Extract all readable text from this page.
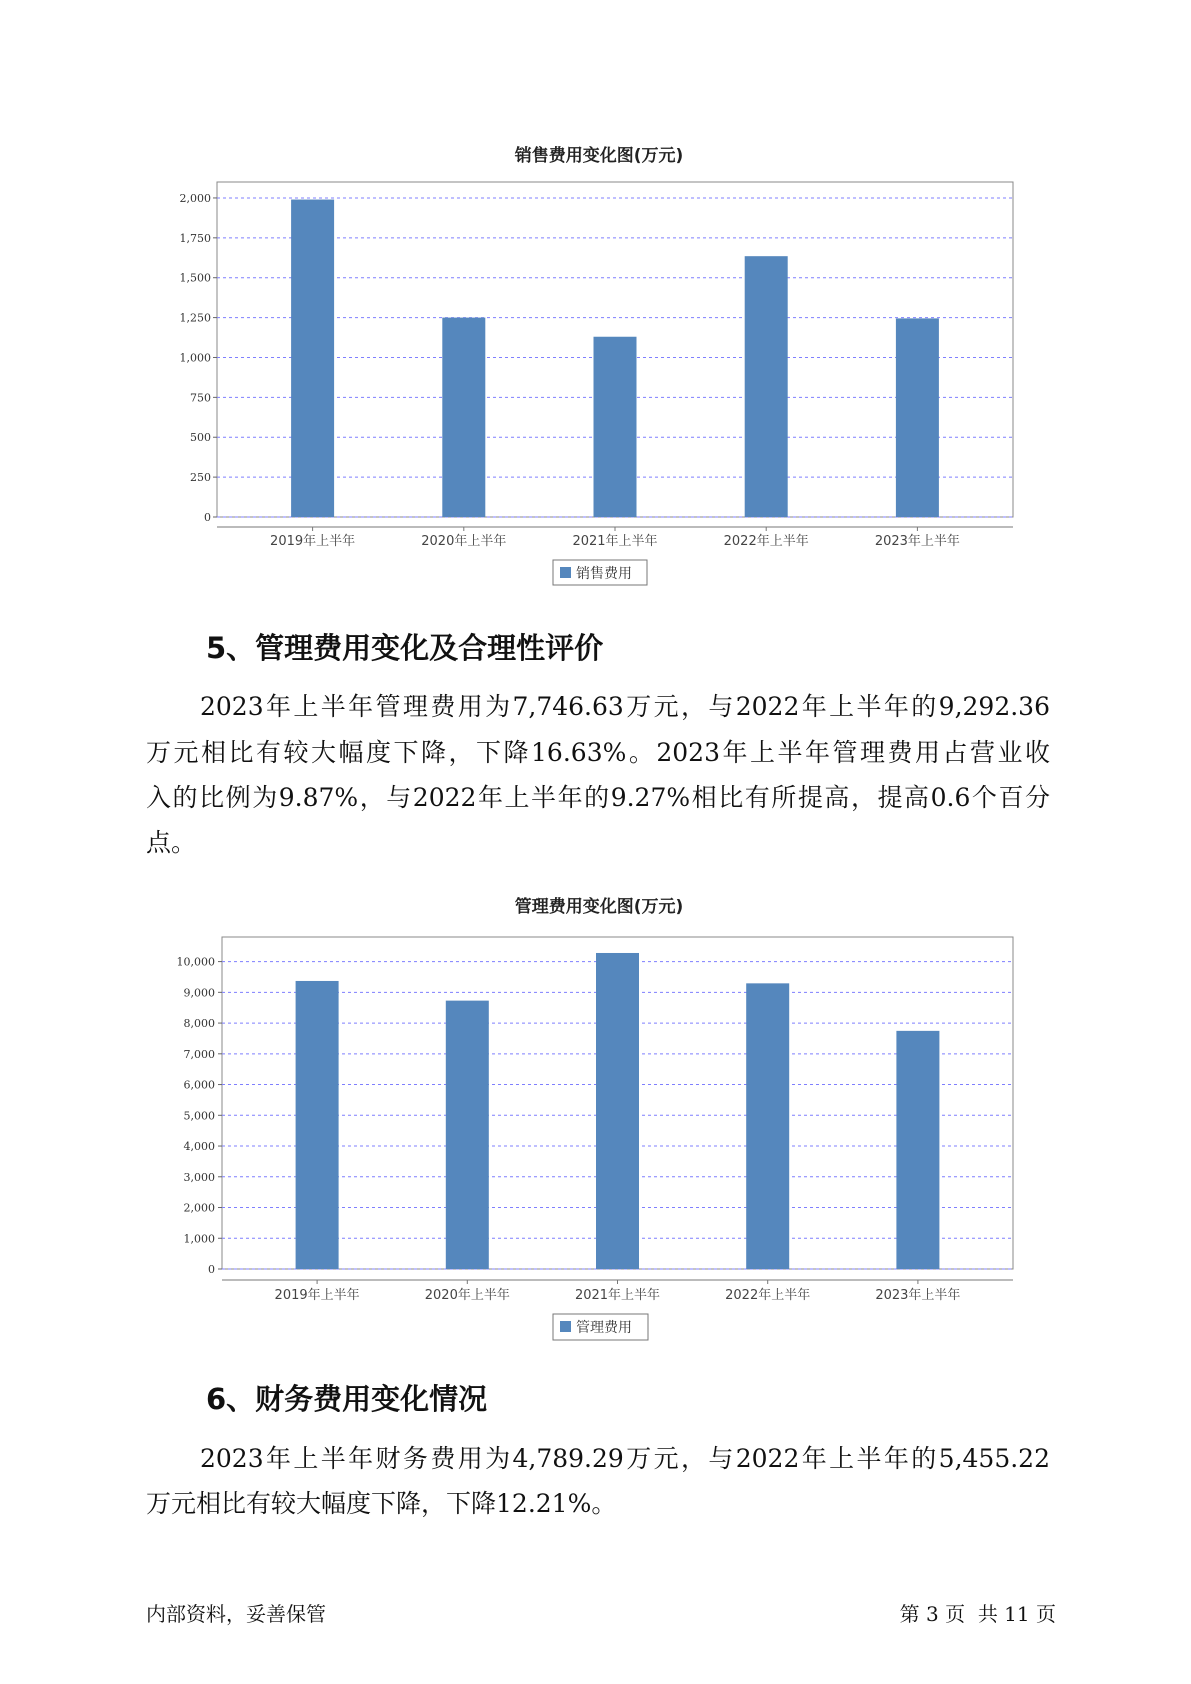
销售费用变化图(万元)
0
250
500
750
1,000
1,250
1,500
1,750
2,000
2019年上半年	2020年上半年	2021年上半年	2022年上半年	2023年上半年
销售费用
5、管理费用变化及合理性评价
2023年上半年管理费用为7,746.63万元，与2022年上半年的9,292.36
万元相比有较大幅度下降，下降16.63%。2023年上半年管理费用占营业收
入的比例为9.87%，与2022年上半年的9.27%相比有所提高，提高0.6个百分
点。
管理费用变化图(万元)
0
1,000
2,000
3,000
4,000
5,000
6,000
7,000
8,000
9,000
10,000
2019年上半年	2020年上半年	2021年上半年	2022年上半年	2023年上半年
管理费用
6、财务费用变化情况
2023年上半年财务费用为4,789.29万元，与2022年上半年的5,455.22
万元相比有较大幅度下降，下降12.21%。
内部资料，妥善保管	第 3 页  共 11 页
